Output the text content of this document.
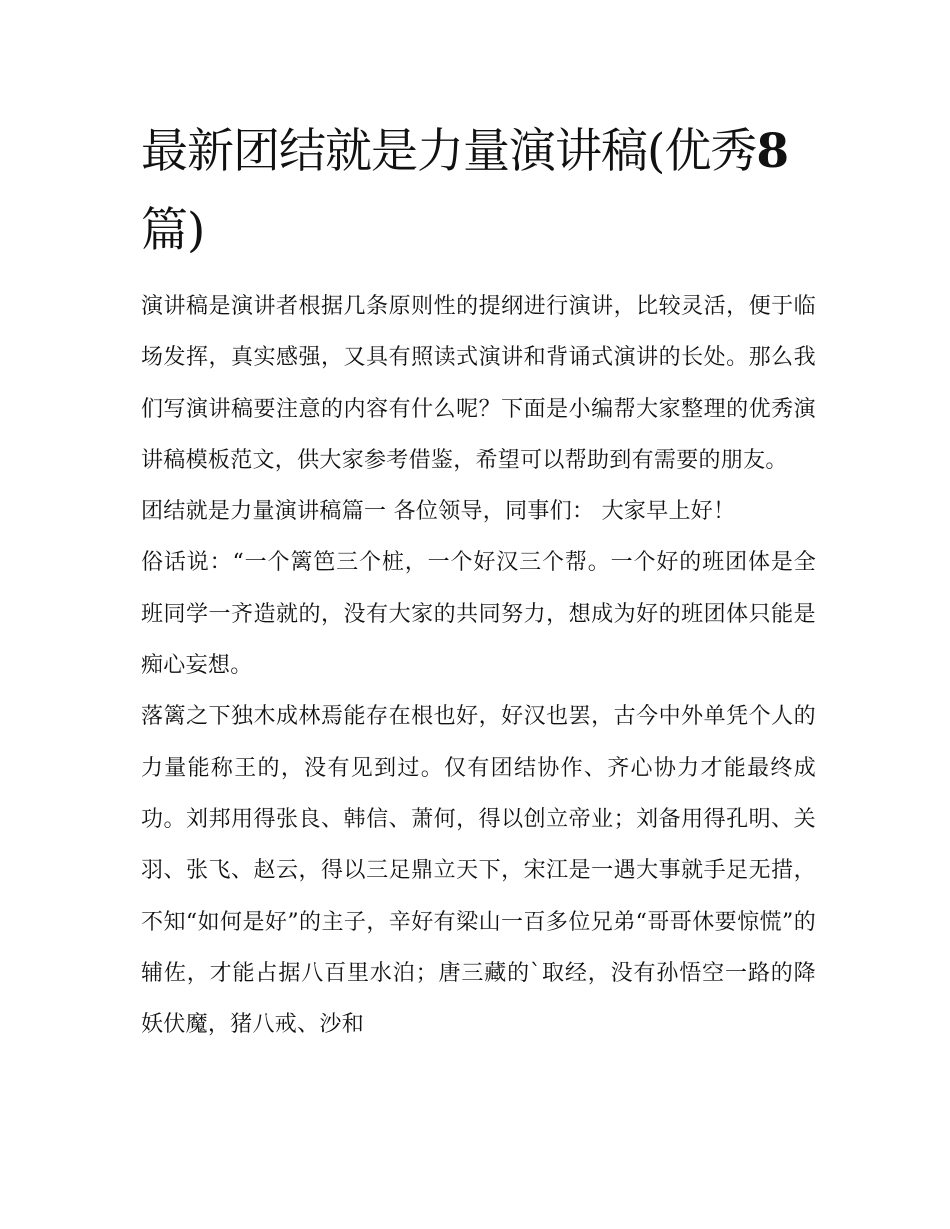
最新团结就是力量演讲稿(优秀8 篇)

演讲稿是演讲者根据几条原则性的提纲进行演讲，比较灵活，便于临场发挥，真实感强，又具有照读式演讲和背诵式演讲的长处。那么我们写演讲稿要注意的内容有什么呢？下面是小编帮大家整理的优秀演讲稿模板范文，供大家参考借鉴，希望可以帮助到有需要的朋友。

团结就是力量演讲稿篇一 各位领导，同事们： 大家早上好！

俗话说：“一个篱笆三个桩，一个好汉三个帮。一个好的班团体是全班同学一齐造就的，没有大家的共同努力，想成为好的班团体只能是痴心妄想。

落篱之下独木成林焉能存在根也好，好汉也罢，古今中外单凭个人的力量能称王的，没有见到过。仅有团结协作、齐心协力才能最终成功。刘邦用得张良、韩信、萧何，得以创立帝业；刘备用得孔明、关羽、张飞、赵云，得以三足鼎立天下，宋江是一遇大事就手足无措，不知“如何是好”的主子，辛好有梁山一百多位兄弟“哥哥休要惊慌”的辅佐，才能占据八百里水泊；唐三藏的`取经，没有孙悟空一路的降妖伏魔，猪八戒、沙和
